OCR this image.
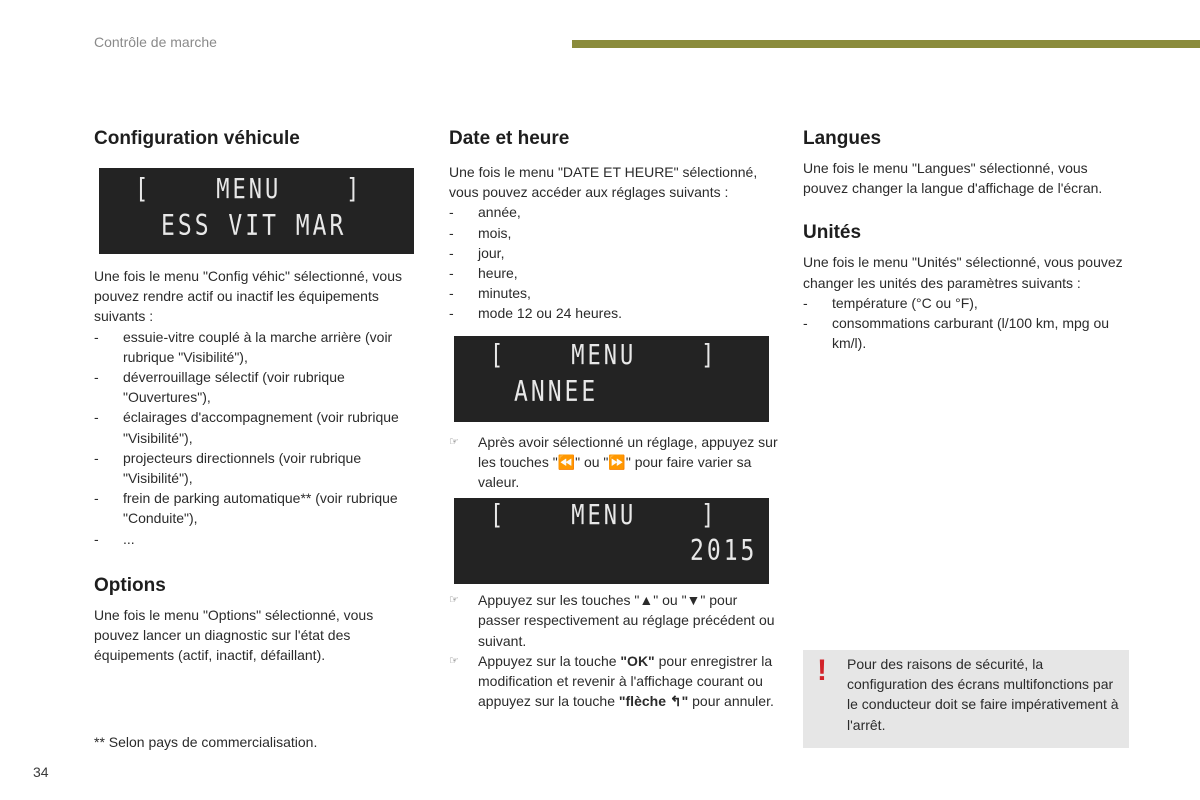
Contrôle de marche
Configuration véhicule
[    MENU    ]
ESS VIT MAR

Une fois le menu "Config véhic" sélectionné, vous pouvez rendre actif ou inactif les équipements suivants :

- essuie-vitre couplé à la marche arrière (voir rubrique "Visibilité"),
- déverrouillage sélectif (voir rubrique "Ouvertures"),
- éclairages d'accompagnement (voir rubrique "Visibilité"),
- projecteurs directionnels (voir rubrique "Visibilité"),
- frein de parking automatique** (voir rubrique "Conduite"),
- ...
Options

Une fois le menu "Options" sélectionné, vous pouvez lancer un diagnostic sur l'état des équipements (actif, inactif, défaillant).

** Selon pays de commercialisation.
34
Date et heure

Une fois le menu "DATE ET HEURE" sélectionné, vous pouvez accéder aux réglages suivants :

- année,
- mois,
- jour,
- heure,
- minutes,
- mode 12 ou 24 heures.
[    MENU    ]
ANNEE
☞ Après avoir sélectionné un réglage, appuyez sur les touches "⏪" ou "⏩" pour faire varier sa valeur.
[    MENU    ]
2015
☞ Appuyez sur les touches "▲" ou "▼" pour passer respectivement au réglage précédent ou suivant.
☞ Appuyez sur la touche "OK" pour enregistrer la modification et revenir à l'affichage courant ou appuyez sur la touche "flèche ↰" pour annuler.
Langues

Une fois le menu "Langues" sélectionné, vous pouvez changer la langue d'affichage de l'écran.

Unités

Une fois le menu "Unités" sélectionné, vous pouvez changer les unités des paramètres suivants :

- température (°C ou °F),
- consommations carburant (l/100 km, mpg ou km/l).
! Pour des raisons de sécurité, la configuration des écrans multifonctions par le conducteur doit se faire impérativement à l'arrêt.
